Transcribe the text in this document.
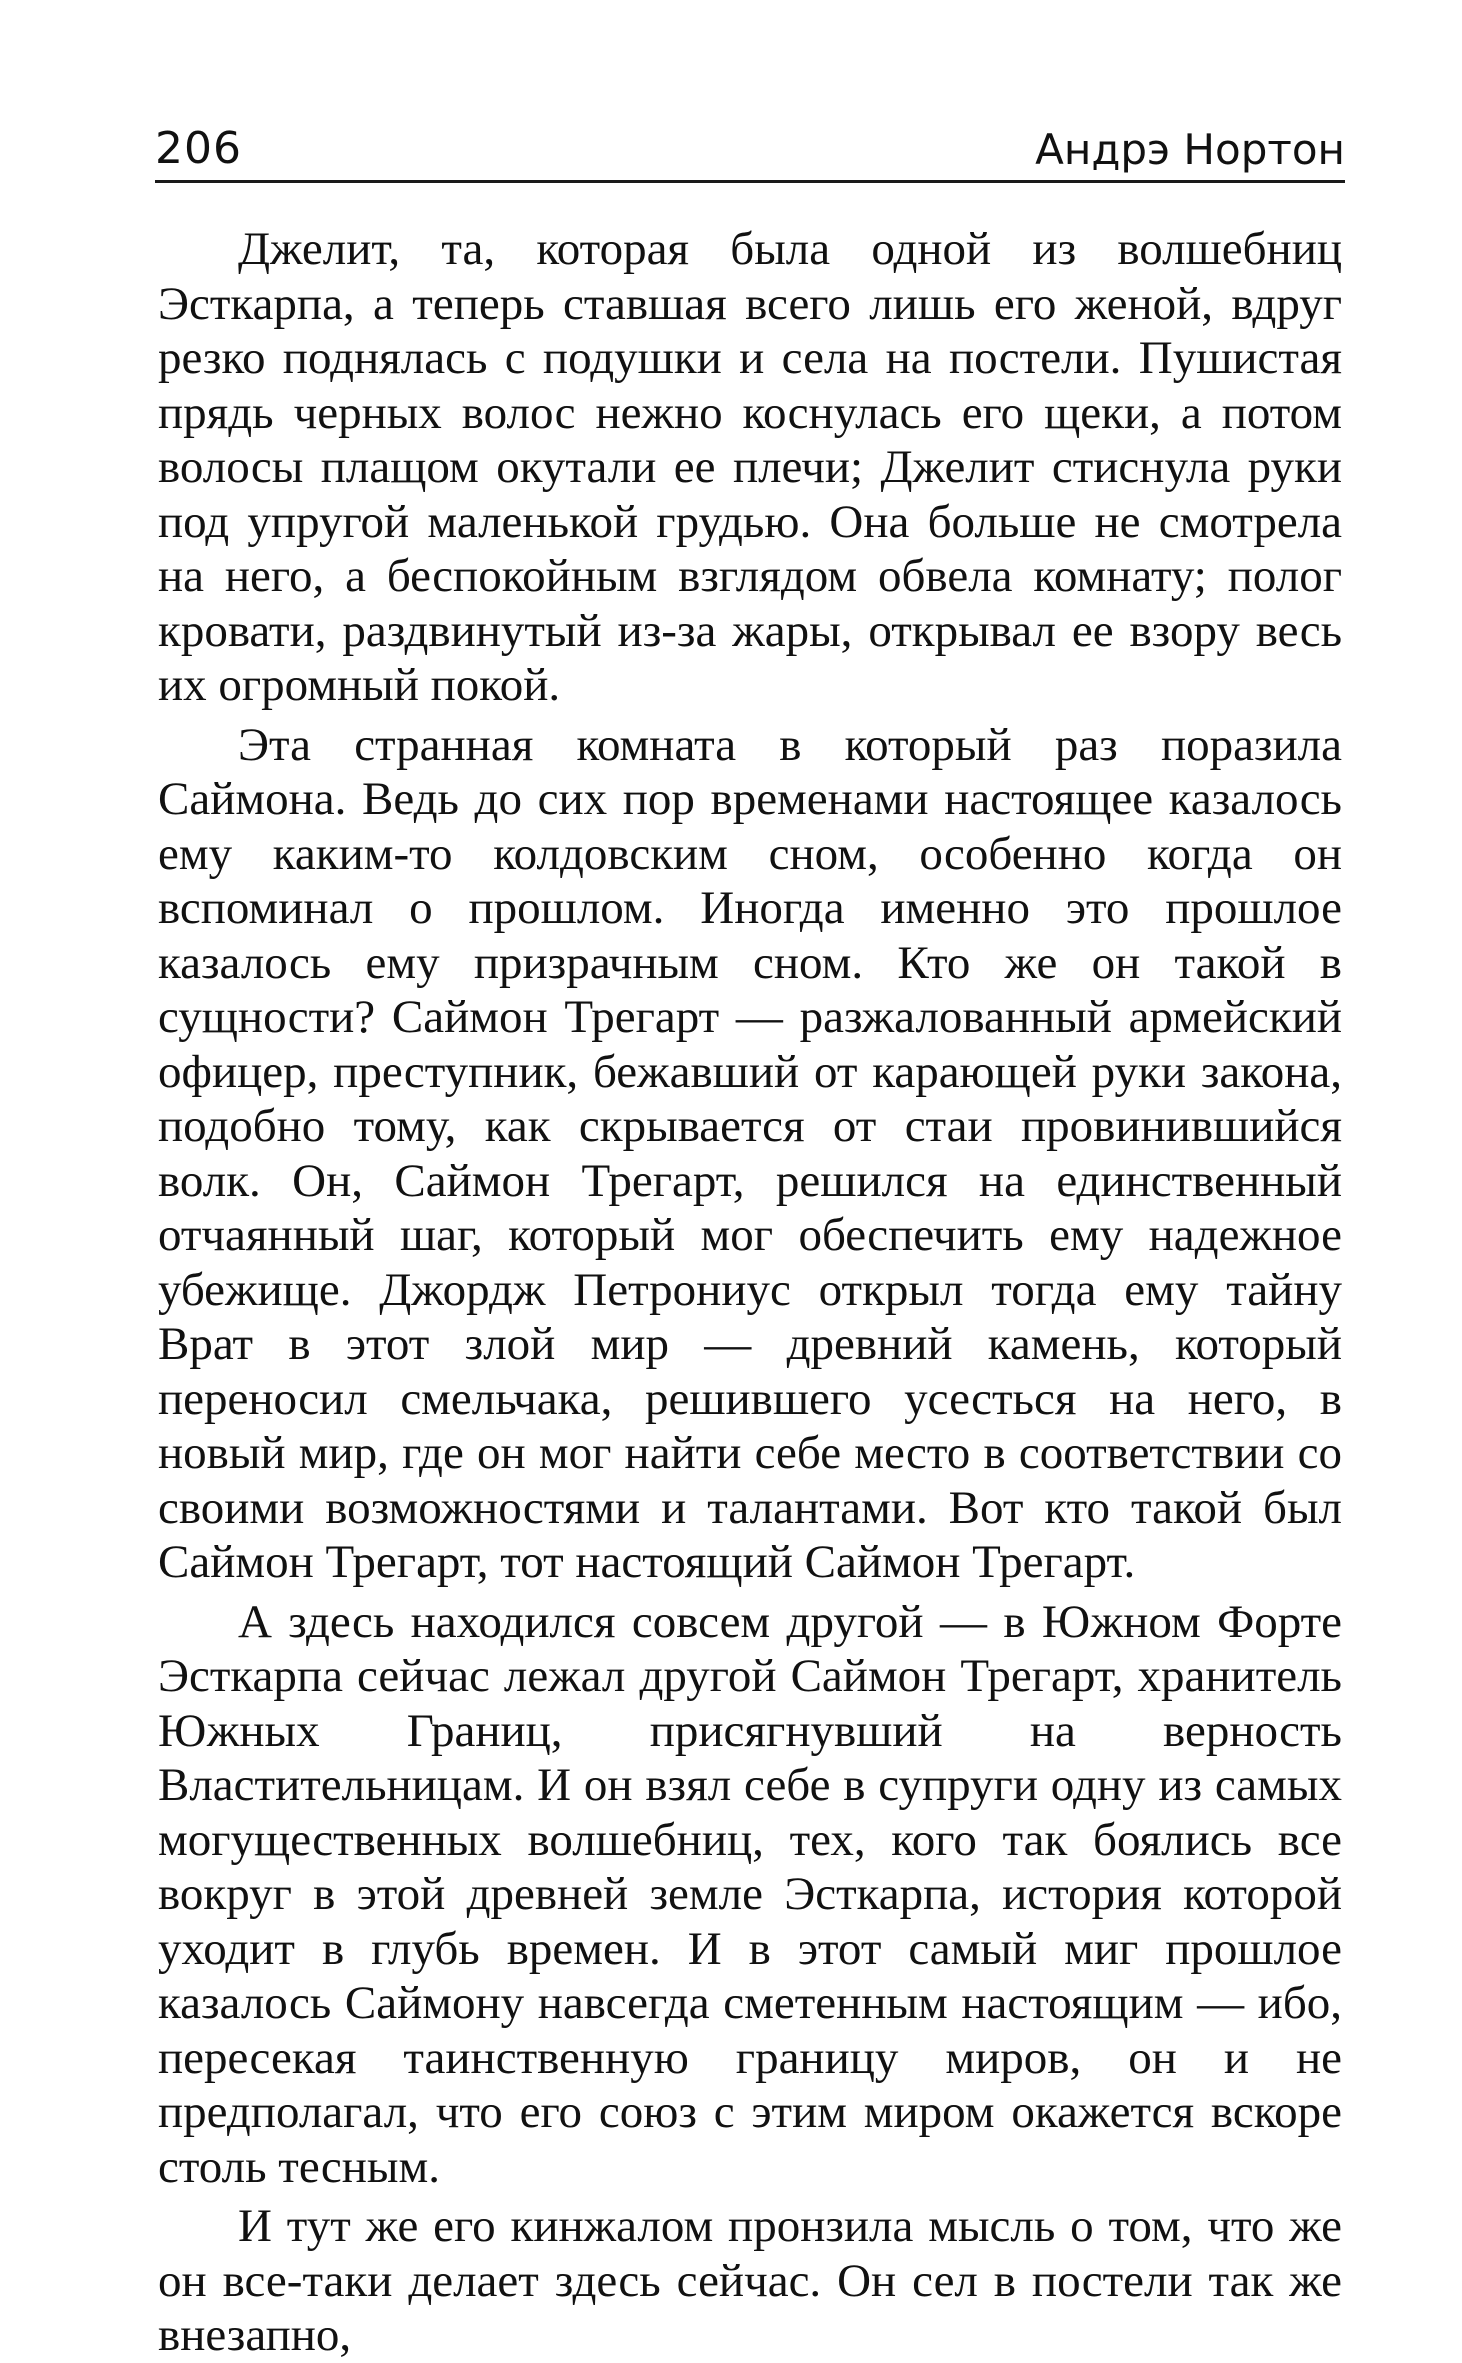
206	Андрэ Нортон

Джелит, та, которая была одной из волшебниц Эсткарпа, а теперь ставшая всего лишь его женой, вдруг резко поднялась с подушки и села на постели. Пушистая прядь черных волос нежно коснулась его щеки, а потом волосы плащом окутали ее плечи; Джелит стиснула руки под упругой маленькой грудью. Она больше не смотрела на него, а беспокойным взглядом обвела комнату; полог кровати, раздвинутый из-за жары, открывал ее взору весь их огромный покой.

Эта странная комната в который раз поразила Саймона. Ведь до сих пор временами настоящее казалось ему каким-то колдовским сном, особенно когда он вспоминал о прошлом. Иногда именно это прошлое казалось ему призрачным сном. Кто же он такой в сущности? Саймон Трегарт — разжалованный армейский офицер, преступник, бежавший от карающей руки закона, подобно тому, как скрывается от стаи провинившийся волк. Он, Саймон Трегарт, решился на единственный отчаянный шаг, который мог обеспечить ему надежное убежище. Джордж Петрониус открыл тогда ему тайну Врат в этот злой мир — древний камень, который переносил смельчака, решившего усесться на него, в новый мир, где он мог найти себе место в соответствии со своими возможностями и талантами. Вот кто такой был Саймон Трегарт, тот настоящий Саймон Трегарт.

А здесь находился совсем другой — в Южном Форте Эсткарпа сейчас лежал другой Саймон Трегарт, хранитель Южных Границ, присягнувший на верность Властительницам. И он взял себе в супруги одну из самых могущественных волшебниц, тех, кого так боялись все вокруг в этой древней земле Эсткарпа, история которой уходит в глубь времен. И в этот самый миг прошлое казалось Саймону навсегда сметенным настоящим — ибо, пересекая таинственную границу миров, он и не предполагал, что его союз с этим миром окажется вскоре столь тесным.

И тут же его кинжалом пронзила мысль о том, что же он все-таки делает здесь сейчас. Он сел в постели так же внезапно,
